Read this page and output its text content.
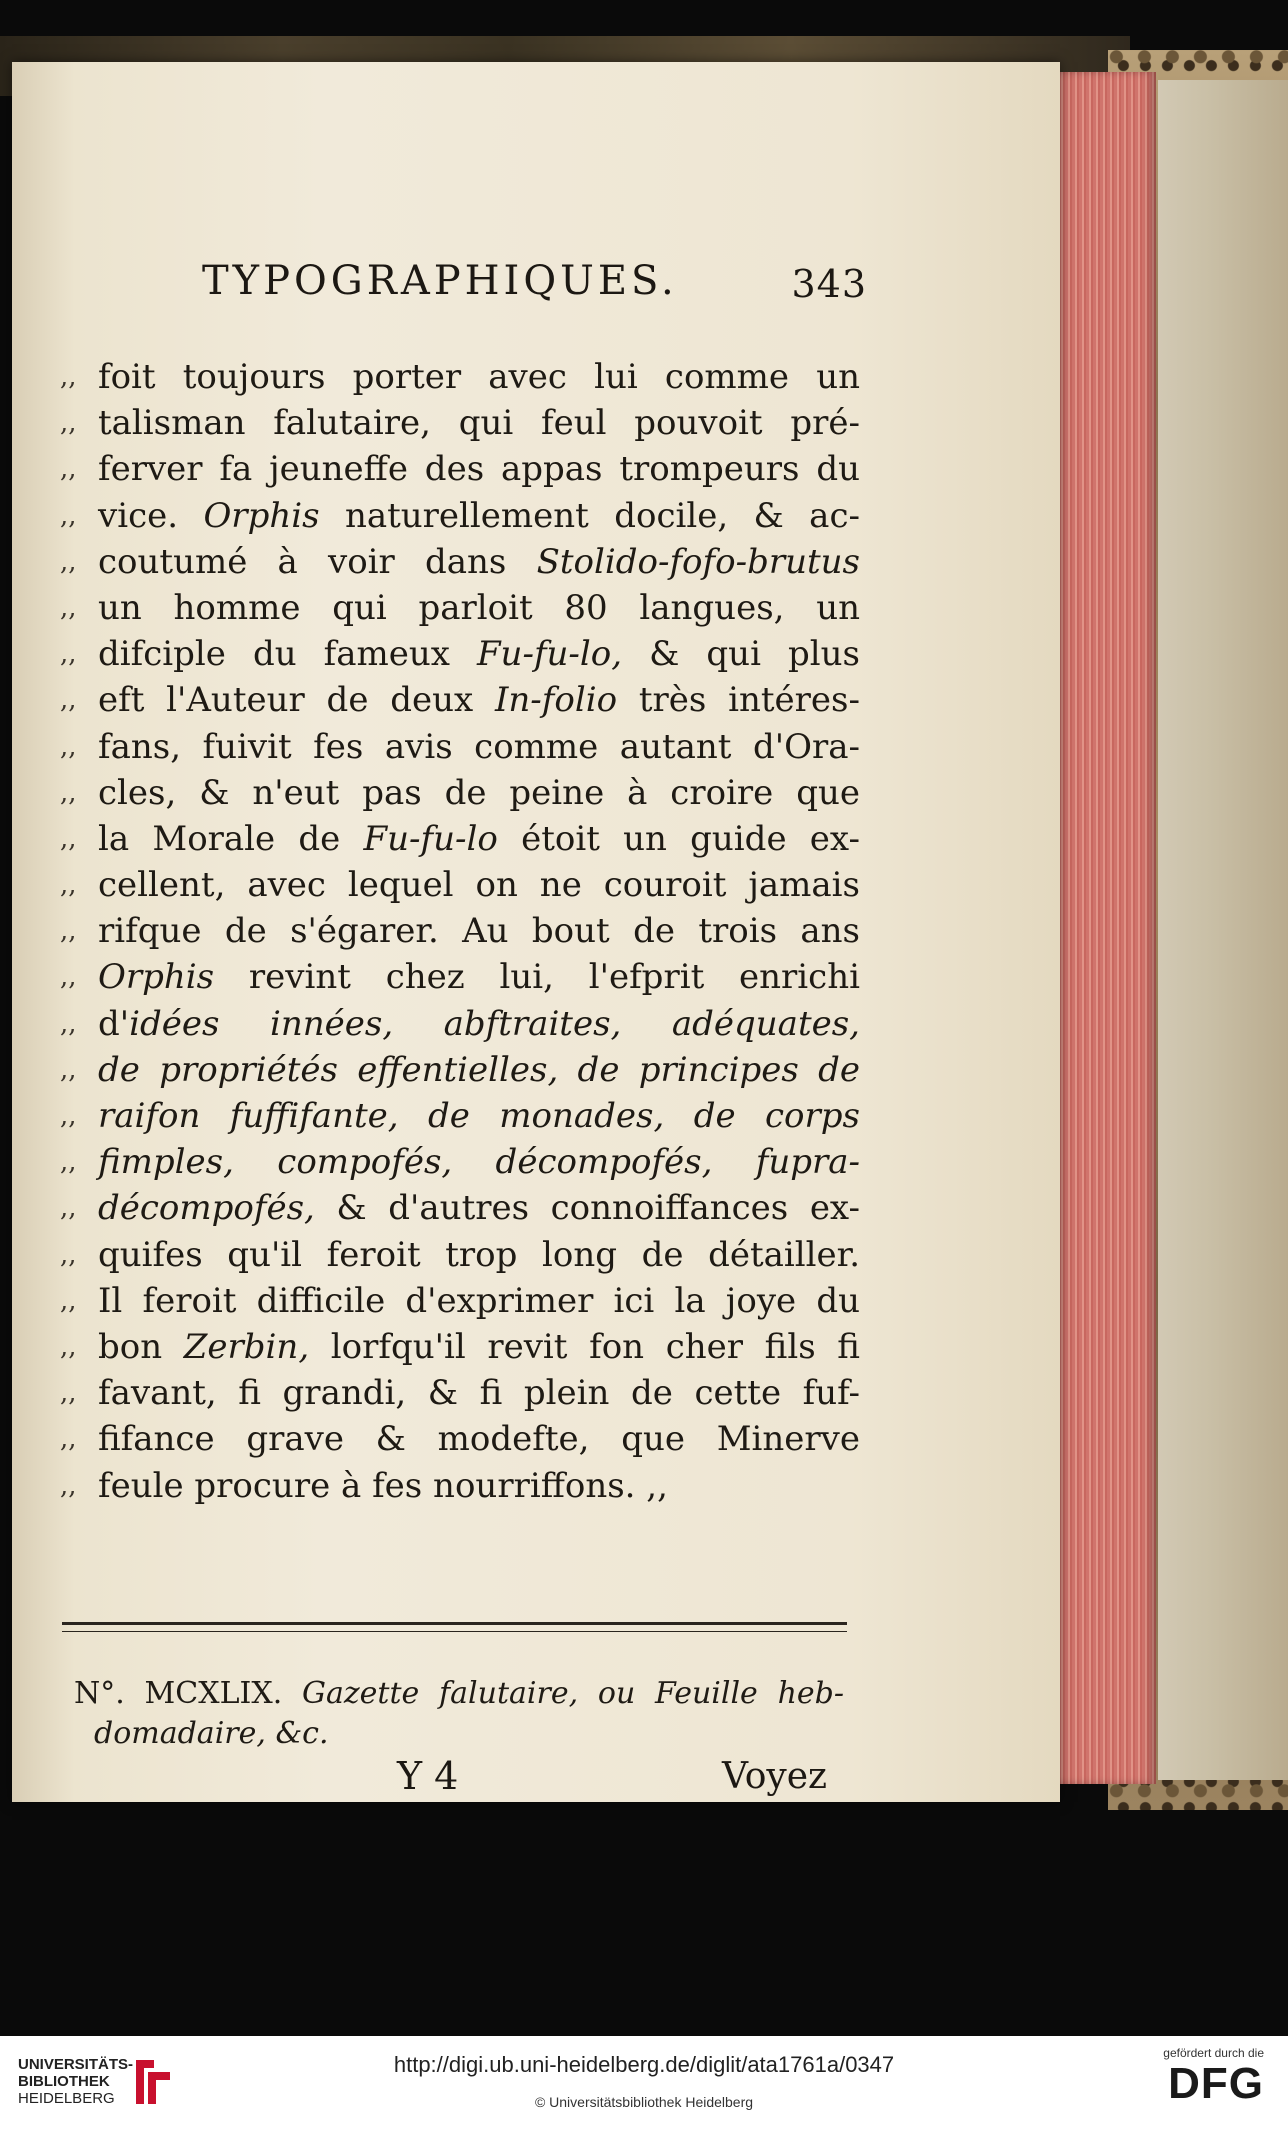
TYPOGRAPHIQUES.	343
,, foit toujours porter avec lui comme un
,, talisman falutaire, qui feul pouvoit pré-
,, ferver fa jeuneffe des appas trompeurs du
,, vice. Orphis naturellement docile, & ac-
,, coutumé à voir dans Stolido-fofo-brutus
,, un homme qui parloit 80 langues, un
,, difciple du fameux Fu-fu-lo, & qui plus
,, eft l'Auteur de deux In-folio très intéres-
,, fans, fuivit fes avis comme autant d'Ora-
,, cles, & n'eut pas de peine à croire que
,, la Morale de Fu-fu-lo étoit un guide ex-
,, cellent, avec lequel on ne couroit jamais
,, rifque de s'égarer. Au bout de trois ans
,, Orphis revint chez lui, l'efprit enrichi
,, d'idées innées, abftraites, adéquates,
,, de propriétés effentielles, de principes de
,, raifon fuffifante, de monades, de corps
,, fimples, compofés, décompofés, fupra-
,, décompofés, & d'autres connoiffances ex-
,, quifes qu'il feroit trop long de détailler.
,, Il feroit difficile d'exprimer ici la joye du
,, bon Zerbin, lorfqu'il revit fon cher fils fi
,, favant, fi grandi, & fi plein de cette fuf-
,, fifance grave & modefte, que Minerve
,, feule procure à fes nourriffons. ,,
N°. MCXLIX. Gazette falutaire, ou Feuille heb-
domadaire, &c.
Y 4	Voyez
UNIVERSITÄTS-
BIBLIOTHEK
HEIDELBERG
http://digi.ub.uni-heidelberg.de/diglit/ata1761a/0347
© Universitätsbibliothek Heidelberg
gefördert durch die
DFG
